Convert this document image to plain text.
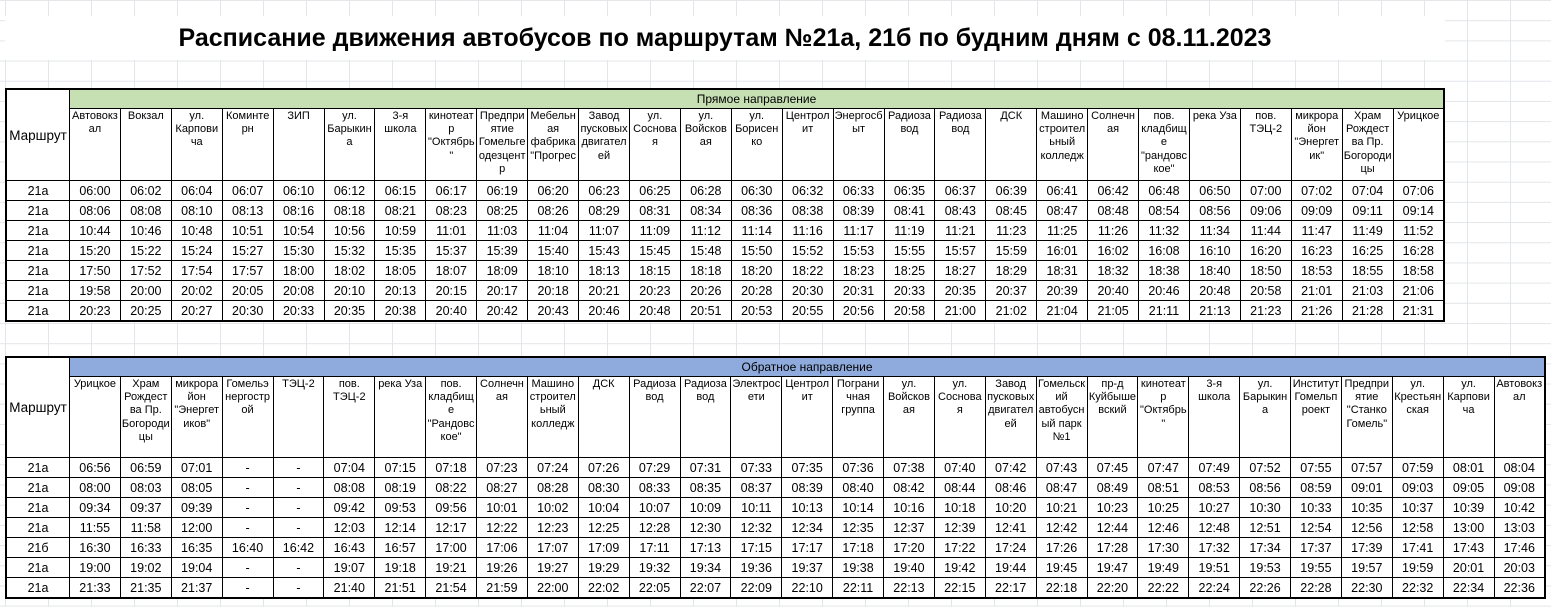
Расписание движения автобусов по маршрутам №21а, 21б по будним дням с 08.11.2023
Маршрут	Прямое направление																										
	Автовокзал	Вокзал	ул. Карповича	Коминтерн	ЗИП	ул. Барыкина	3-я школа	кинотеатр "Октябрь"	Предприятие Гомельгеодезцентр	Мебельная фабрика "Прогрес	Завод пусковых двигателей	ул. Сосновая	ул. Войсковая	ул. Борисенко	Центролит	Энергосбыт	Радиозавод	Радиозавод	ДСК	Машиностроительный колледж	Солнечная	пов. кладбище "рандовское"	река Уза	пов. ТЭЦ-2	микрорайон "Энергетик"	Храм Рождества Пр. Богородицы	Урицкое
21а	06:00	06:02	06:04	06:07	06:10	06:12	06:15	06:17	06:19	06:20	06:23	06:25	06:28	06:30	06:32	06:33	06:35	06:37	06:39	06:41	06:42	06:48	06:50	07:00	07:02	07:04	07:06
21а	08:06	08:08	08:10	08:13	08:16	08:18	08:21	08:23	08:25	08:26	08:29	08:31	08:34	08:36	08:38	08:39	08:41	08:43	08:45	08:47	08:48	08:54	08:56	09:06	09:09	09:11	09:14
21а	10:44	10:46	10:48	10:51	10:54	10:56	10:59	11:01	11:03	11:04	11:07	11:09	11:12	11:14	11:16	11:17	11:19	11:21	11:23	11:25	11:26	11:32	11:34	11:44	11:47	11:49	11:52
21а	15:20	15:22	15:24	15:27	15:30	15:32	15:35	15:37	15:39	15:40	15:43	15:45	15:48	15:50	15:52	15:53	15:55	15:57	15:59	16:01	16:02	16:08	16:10	16:20	16:23	16:25	16:28
21а	17:50	17:52	17:54	17:57	18:00	18:02	18:05	18:07	18:09	18:10	18:13	18:15	18:18	18:20	18:22	18:23	18:25	18:27	18:29	18:31	18:32	18:38	18:40	18:50	18:53	18:55	18:58
21а	19:58	20:00	20:02	20:05	20:08	20:10	20:13	20:15	20:17	20:18	20:21	20:23	20:26	20:28	20:30	20:31	20:33	20:35	20:37	20:39	20:40	20:46	20:48	20:58	21:01	21:03	21:06
21а	20:23	20:25	20:27	20:30	20:33	20:35	20:38	20:40	20:42	20:43	20:46	20:48	20:51	20:53	20:55	20:56	20:58	21:00	21:02	21:04	21:05	21:11	21:13	21:23	21:26	21:28	21:31
Маршрут	Обратное направление																												
	Урицкое	Храм Рождества Пр. Богородицы	микрорайон "Энергетиков"	Гомельэнергострой	ТЭЦ-2	пов. ТЭЦ-2	река Уза	пов. кладбище "Рандовское"	Солнечная	Машиностроительный колледж	ДСК	Радиозавод	Радиозавод	Электросети	Центролит	Пограничная группа	ул. Войсковая	ул. Сосновая	Завод пусковых двигателей	Гомельский автобусный парк №1	пр-д Куйбышевский	кинотеатр "Октябрь"	3-я школа	ул. Барыкина	Институт Гомельпроект	Предприятие "Станко Гомель"	ул. Крестьянская	ул. Карповича	Автовокзал
21а	06:56	06:59	07:01	-	-	07:04	07:15	07:18	07:23	07:24	07:26	07:29	07:31	07:33	07:35	07:36	07:38	07:40	07:42	07:43	07:45	07:47	07:49	07:52	07:55	07:57	07:59	08:01	08:04
21а	08:00	08:03	08:05	-	-	08:08	08:19	08:22	08:27	08:28	08:30	08:33	08:35	08:37	08:39	08:40	08:42	08:44	08:46	08:47	08:49	08:51	08:53	08:56	08:59	09:01	09:03	09:05	09:08
21а	09:34	09:37	09:39	-	-	09:42	09:53	09:56	10:01	10:02	10:04	10:07	10:09	10:11	10:13	10:14	10:16	10:18	10:20	10:21	10:23	10:25	10:27	10:30	10:33	10:35	10:37	10:39	10:42
21а	11:55	11:58	12:00	-	-	12:03	12:14	12:17	12:22	12:23	12:25	12:28	12:30	12:32	12:34	12:35	12:37	12:39	12:41	12:42	12:44	12:46	12:48	12:51	12:54	12:56	12:58	13:00	13:03
21б	16:30	16:33	16:35	16:40	16:42	16:43	16:57	17:00	17:06	17:07	17:09	17:11	17:13	17:15	17:17	17:18	17:20	17:22	17:24	17:26	17:28	17:30	17:32	17:34	17:37	17:39	17:41	17:43	17:46
21а	19:00	19:02	19:04	-	-	19:07	19:18	19:21	19:26	19:27	19:29	19:32	19:34	19:36	19:37	19:38	19:40	19:42	19:44	19:45	19:47	19:49	19:51	19:53	19:55	19:57	19:59	20:01	20:03
21а	21:33	21:35	21:37	-	-	21:40	21:51	21:54	21:59	22:00	22:02	22:05	22:07	22:09	22:10	22:11	22:13	22:15	22:17	22:18	22:20	22:22	22:24	22:26	22:28	22:30	22:32	22:34	22:36
